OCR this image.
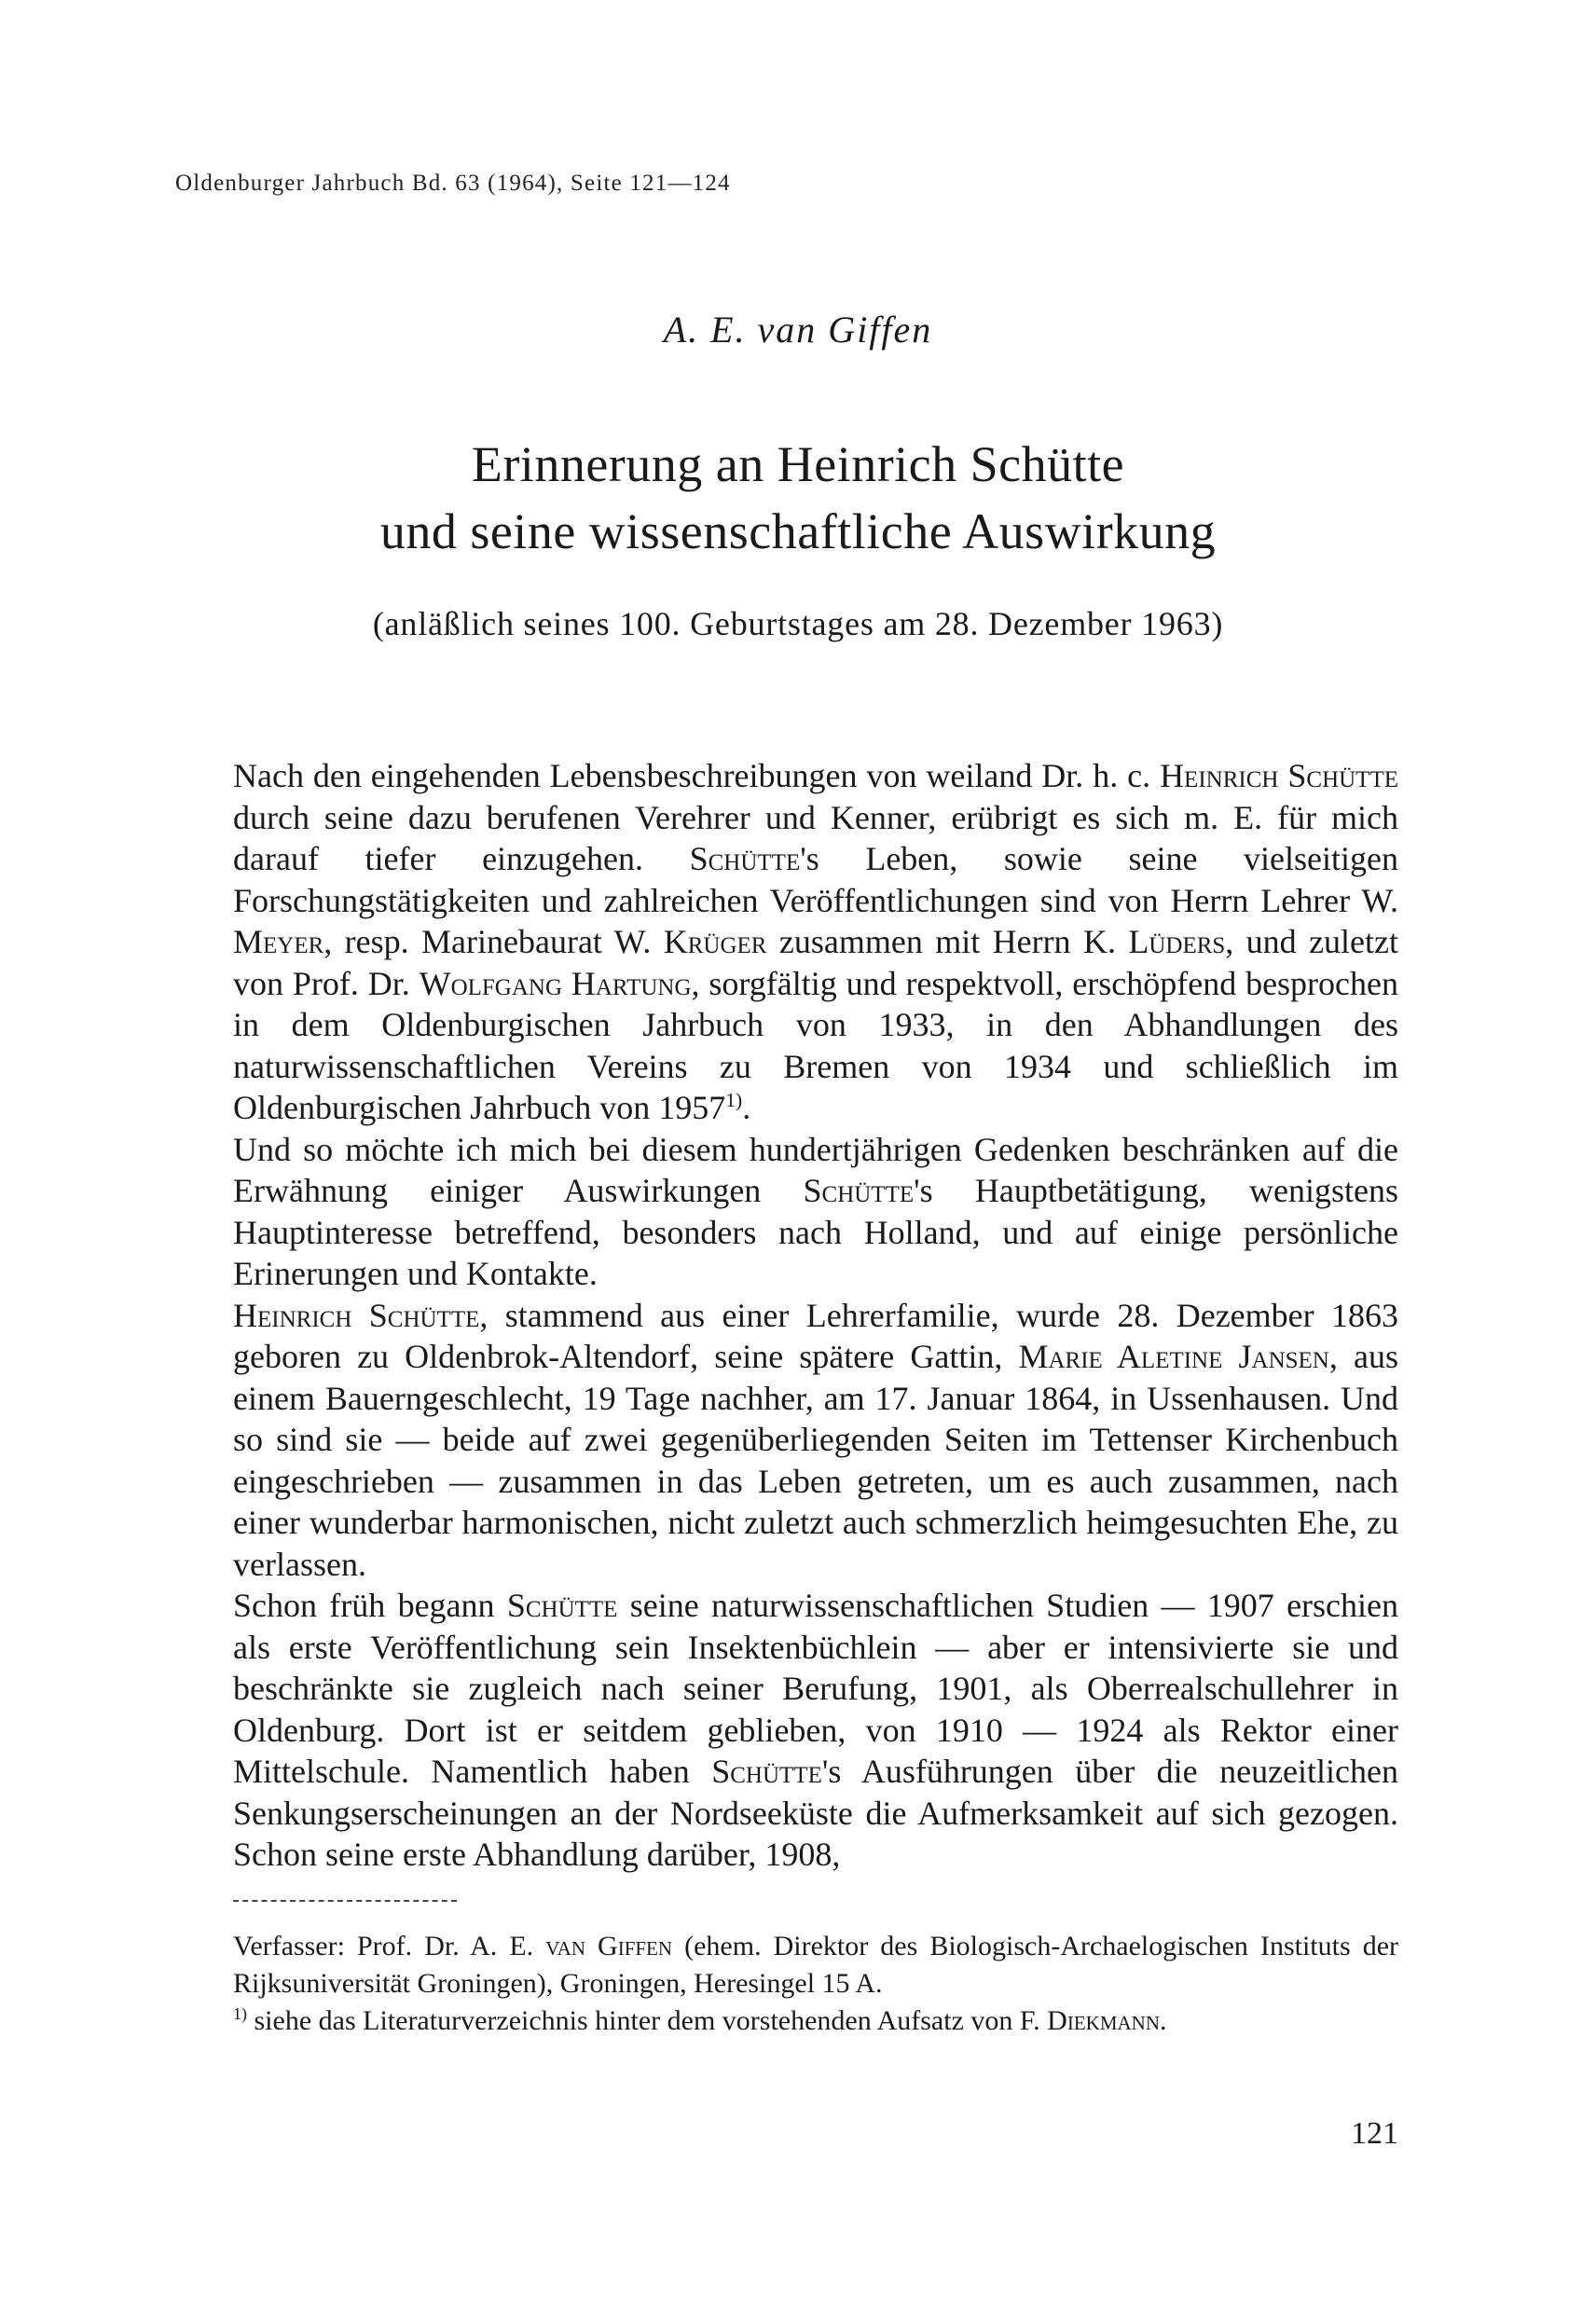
Oldenburger Jahrbuch Bd. 63 (1964), Seite 121—124
A. E. van Giffen
Erinnerung an Heinrich Schütte
und seine wissenschaftliche Auswirkung
(anläßlich seines 100. Geburtstages am 28. Dezember 1963)

Nach den eingehenden Lebensbeschreibungen von weiland Dr. h. c. Heinrich Schütte durch seine dazu berufenen Verehrer und Kenner, erübrigt es sich m. E. für mich darauf tiefer einzugehen. Schütte's Leben, sowie seine vielseitigen Forschungstätigkeiten und zahlreichen Veröffentlichungen sind von Herrn Lehrer W. Meyer, resp. Marinebaurat W. Krüger zusammen mit Herrn K. Lüders, und zuletzt von Prof. Dr. Wolfgang Hartung, sorgfältig und respektvoll, erschöpfend besprochen in dem Oldenburgischen Jahrbuch von 1933, in den Abhandlungen des naturwissenschaftlichen Vereins zu Bremen von 1934 und schließlich im Oldenburgischen Jahrbuch von 1957$^{1)}$.

Und so möchte ich mich bei diesem hundertjährigen Gedenken beschränken auf die Erwähnung einiger Auswirkungen Schütte's Hauptbetätigung, wenigstens Hauptinteresse betreffend, besonders nach Holland, und auf einige persönliche Erinerungen und Kontakte.

Heinrich Schütte, stammend aus einer Lehrerfamilie, wurde 28. Dezember 1863 geboren zu Oldenbrok-Altendorf, seine spätere Gattin, Marie Aletine Jansen, aus einem Bauerngeschlecht, 19 Tage nachher, am 17. Januar 1864, in Ussenhausen. Und so sind sie — beide auf zwei gegenüberliegenden Seiten im Tettenser Kirchenbuch eingeschrieben — zusammen in das Leben getreten, um es auch zusammen, nach einer wunderbar harmonischen, nicht zuletzt auch schmerzlich heimgesuchten Ehe, zu verlassen.

Schon früh begann Schütte seine naturwissenschaftlichen Studien — 1907 erschien als erste Veröffentlichung sein Insektenbüchlein — aber er intensivierte sie und beschränkte sie zugleich nach seiner Berufung, 1901, als Oberrealschullehrer in Oldenburg. Dort ist er seitdem geblieben, von 1910 — 1924 als Rektor einer Mittelschule. Namentlich haben Schütte's Ausführungen über die neuzeitlichen Senkungserscheinungen an der Nordseeküste die Aufmerksamkeit auf sich gezogen. Schon seine erste Abhandlung darüber, 1908,

Verfasser: Prof. Dr. A. E. van Giffen (ehem. Direktor des Biologisch-Archaelogischen Instituts der Rijksuniversität Groningen), Groningen, Heresingel 15 A.

$^{1)}$ siehe das Literaturverzeichnis hinter dem vorstehenden Aufsatz von F. Diekmann.

121
